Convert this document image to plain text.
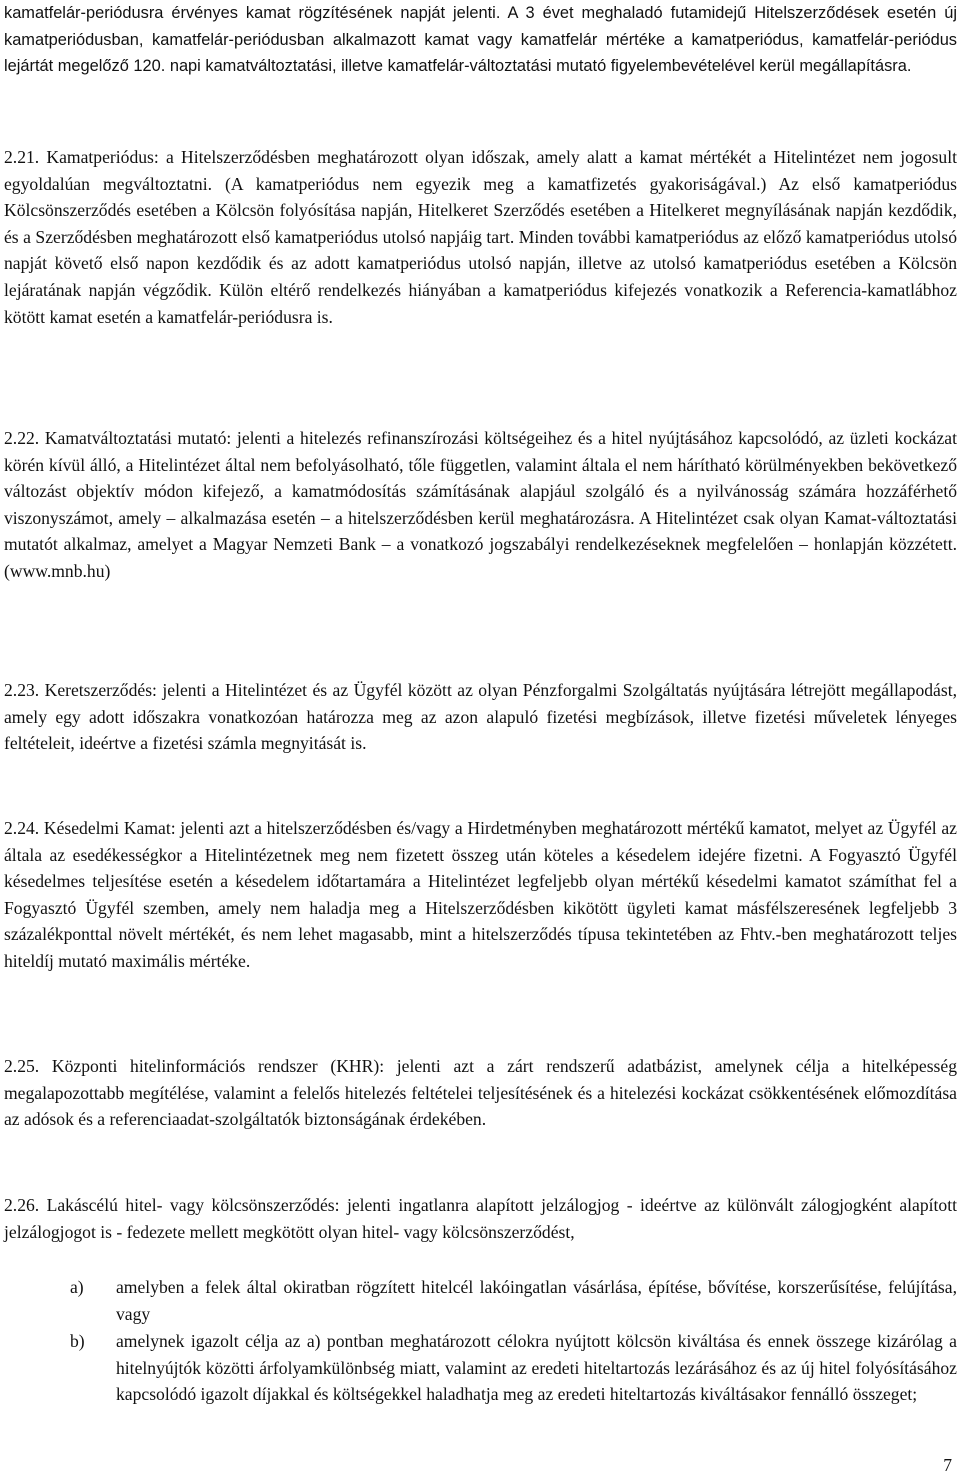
kamatfelár-periódusra érvényes kamat rögzítésének napját jelenti. A 3 évet meghaladó futamidejű Hitelszerződések esetén új kamatperiódusban, kamatfelár-periódusban alkalmazott kamat vagy kamatfelár mértéke a kamatperiódus, kamatfelár-periódus lejártát megelőző 120. napi kamatváltoztatási, illetve kamatfelár-változtatási mutató figyelembevételével kerül megállapításra.

2.21. Kamatperiódus: a Hitelszerződésben meghatározott olyan időszak, amely alatt a kamat mértékét a Hitelintézet nem jogosult egyoldalúan megváltoztatni. (A kamatperiódus nem egyezik meg a kamatfizetés gyakoriságával.) Az első kamatperiódus Kölcsönszerződés esetében a Kölcsön folyósítása napján, Hitelkeret Szerződés esetében a Hitelkeret megnyílásának napján kezdődik, és a Szerződésben meghatározott első kamatperiódus utolsó napjáig tart. Minden további kamatperiódus az előző kamatperiódus utolsó napját követő első napon kezdődik és az adott kamatperiódus utolsó napján, illetve az utolsó kamatperiódus esetében a Kölcsön lejáratának napján végződik. Külön eltérő rendelkezés hiányában a kamatperiódus kifejezés vonatkozik a Referencia-kamatlábhoz kötött kamat esetén a kamatfelár-periódusra is.

2.22. Kamatváltoztatási mutató: jelenti a hitelezés refinanszírozási költségeihez és a hitel nyújtásához kapcsolódó, az üzleti kockázat körén kívül álló, a Hitelintézet által nem befolyásolható, tőle független, valamint általa el nem hárítható körülményekben bekövetkező változást objektív módon kifejező, a kamatmódosítás számításának alapjául szolgáló és a nyilvánosság számára hozzáférhető viszonyszámot, amely – alkalmazása esetén – a hitelszerződésben kerül meghatározásra. A Hitelintézet csak olyan Kamat-változtatási mutatót alkalmaz, amelyet a Magyar Nemzeti Bank – a vonatkozó jogszabályi rendelkezéseknek megfelelően – honlapján közzétett. (www.mnb.hu)

2.23. Keretszerződés: jelenti a Hitelintézet és az Ügyfél között az olyan Pénzforgalmi Szolgáltatás nyújtására létrejött megállapodást, amely egy adott időszakra vonatkozóan határozza meg az azon alapuló fizetési megbízások, illetve fizetési műveletek lényeges feltételeit, ideértve a fizetési számla megnyitását is.

2.24. Késedelmi Kamat: jelenti azt a hitelszerződésben és/vagy a Hirdetményben meghatározott mértékű kamatot, melyet az Ügyfél az általa az esedékességkor a Hitelintézetnek meg nem fizetett összeg után köteles a késedelem idejére fizetni. A Fogyasztó Ügyfél késedelmes teljesítése esetén a késedelem időtartamára a Hitelintézet legfeljebb olyan mértékű késedelmi kamatot számíthat fel a Fogyasztó Ügyfél szemben, amely nem haladja meg a Hitelszerződésben kikötött ügyleti kamat másfélszeresének legfeljebb 3 százalékponttal növelt mértékét, és nem lehet magasabb, mint a hitelszerződés típusa tekintetében az Fhtv.-ben meghatározott teljes hiteldíj mutató maximális mértéke.

2.25. Központi hitelinformációs rendszer (KHR): jelenti azt a zárt rendszerű adatbázist, amelynek célja a hitelképesség megalapozottabb megítélése, valamint a felelős hitelezés feltételei teljesítésének és a hitelezési kockázat csökkentésének előmozdítása az adósok és a referenciaadat-szolgáltatók biztonságának érdekében.

2.26. Lakáscélú hitel- vagy kölcsönszerződés: jelenti ingatlanra alapított jelzálogjog - ideértve az különvált zálogjogként alapított jelzálogjogot is - fedezete mellett megkötött olyan hitel- vagy kölcsönszerződést,

a) amelyben a felek által okiratban rögzített hitelcél lakóingatlan vásárlása, építése, bővítése, korszerűsítése, felújítása, vagy
b) amelynek igazolt célja az a) pontban meghatározott célokra nyújtott kölcsön kiváltása és ennek összege kizárólag a hitelnyújtók közötti árfolyamkülönbség miatt, valamint az eredeti hiteltartozás lezárásához és az új hitel folyósításához kapcsolódó igazolt díjakkal és költségekkel haladhatja meg az eredeti hiteltartozás kiváltásakor fennálló összeget;
7
